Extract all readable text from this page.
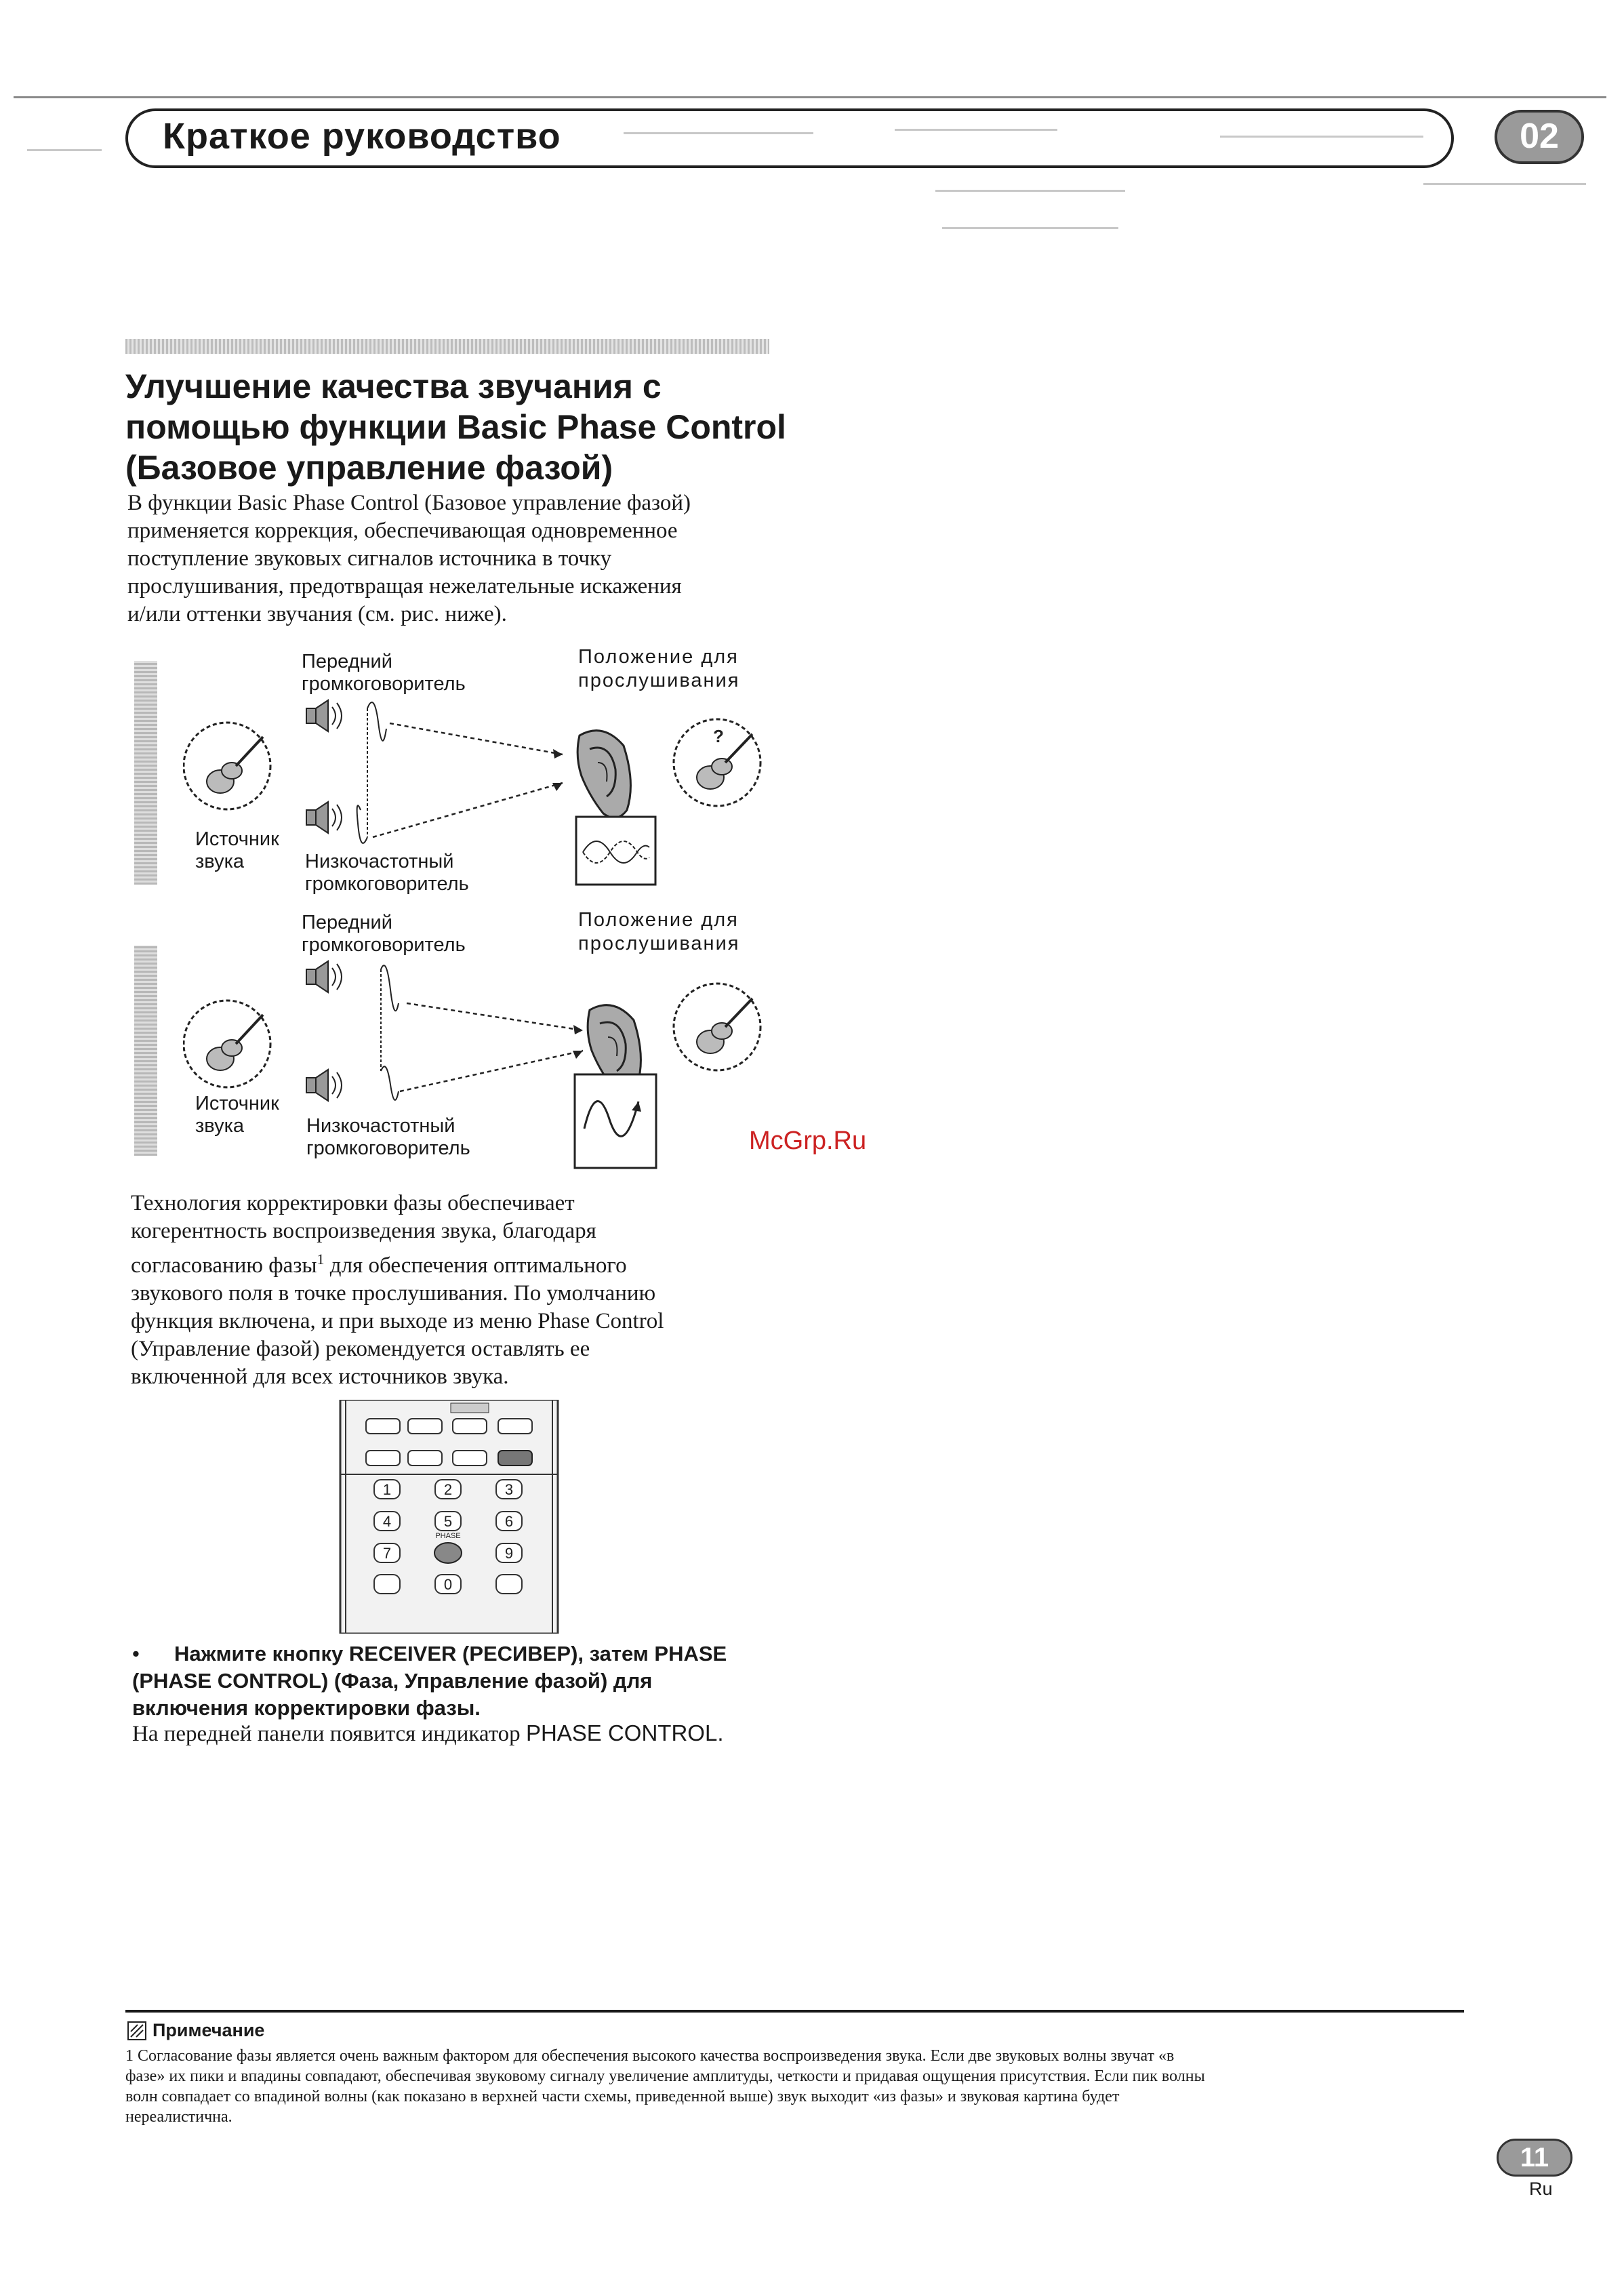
Краткое руководство	02
Улучшение качества звучания с
помощью функции Basic Phase Control
(Базовое управление фазой)
В функции Basic Phase Control (Базовое управление фазой)
применяется коррекция, обеспечивающая одновременное
поступление звуковых сигналов источника в точку
прослушивания, предотвращая нежелательные искажения
и/или оттенки звучания (см. рис. ниже).
Передний
громкоговоритель
Положение для
прослушивания
Источник
звука	Низкочастотный
громкоговоритель
?
Передний
громкоговоритель
Положение для
прослушивания
Источник
звука	Низкочастотный
громкоговоритель
Технология корректировки фазы обеспечивает
когерентность воспроизведения звука, благодаря
согласованию фазы$^1$ для обеспечения оптимального
звукового поля в точке прослушивания. По умолчанию
функция включена, и при выходе из меню Phase Control
(Управление фазой) рекомендуется оставлять ее
включенной для всех источников звука.
1	2	3
4	5	6
7
PHASE
9
0
• Нажмите кнопку RECEIVER (РЕСИВЕР), затем PHASE
(PHASE CONTROL) (Фаза, Управление фазой) для
включения корректировки фазы.
На передней панели появится индикатор PHASE CONTROL.
McGrp.Ru
Примечание
1 Согласование фазы является очень важным фактором для обеспечения высокого качества воспроизведения звука. Если две звуковых волны звучат «в
фазе» их пики и впадины совпадают, обеспечивая звуковому сигналу увеличение амплитуды, четкости и придавая ощущения присутствия. Если пик волны
волн совпадает со впадиной волны (как показано в верхней части схемы, приведенной выше) звук выходит «из фазы» и звуковая картина будет
нереалистична.
11
Ru
